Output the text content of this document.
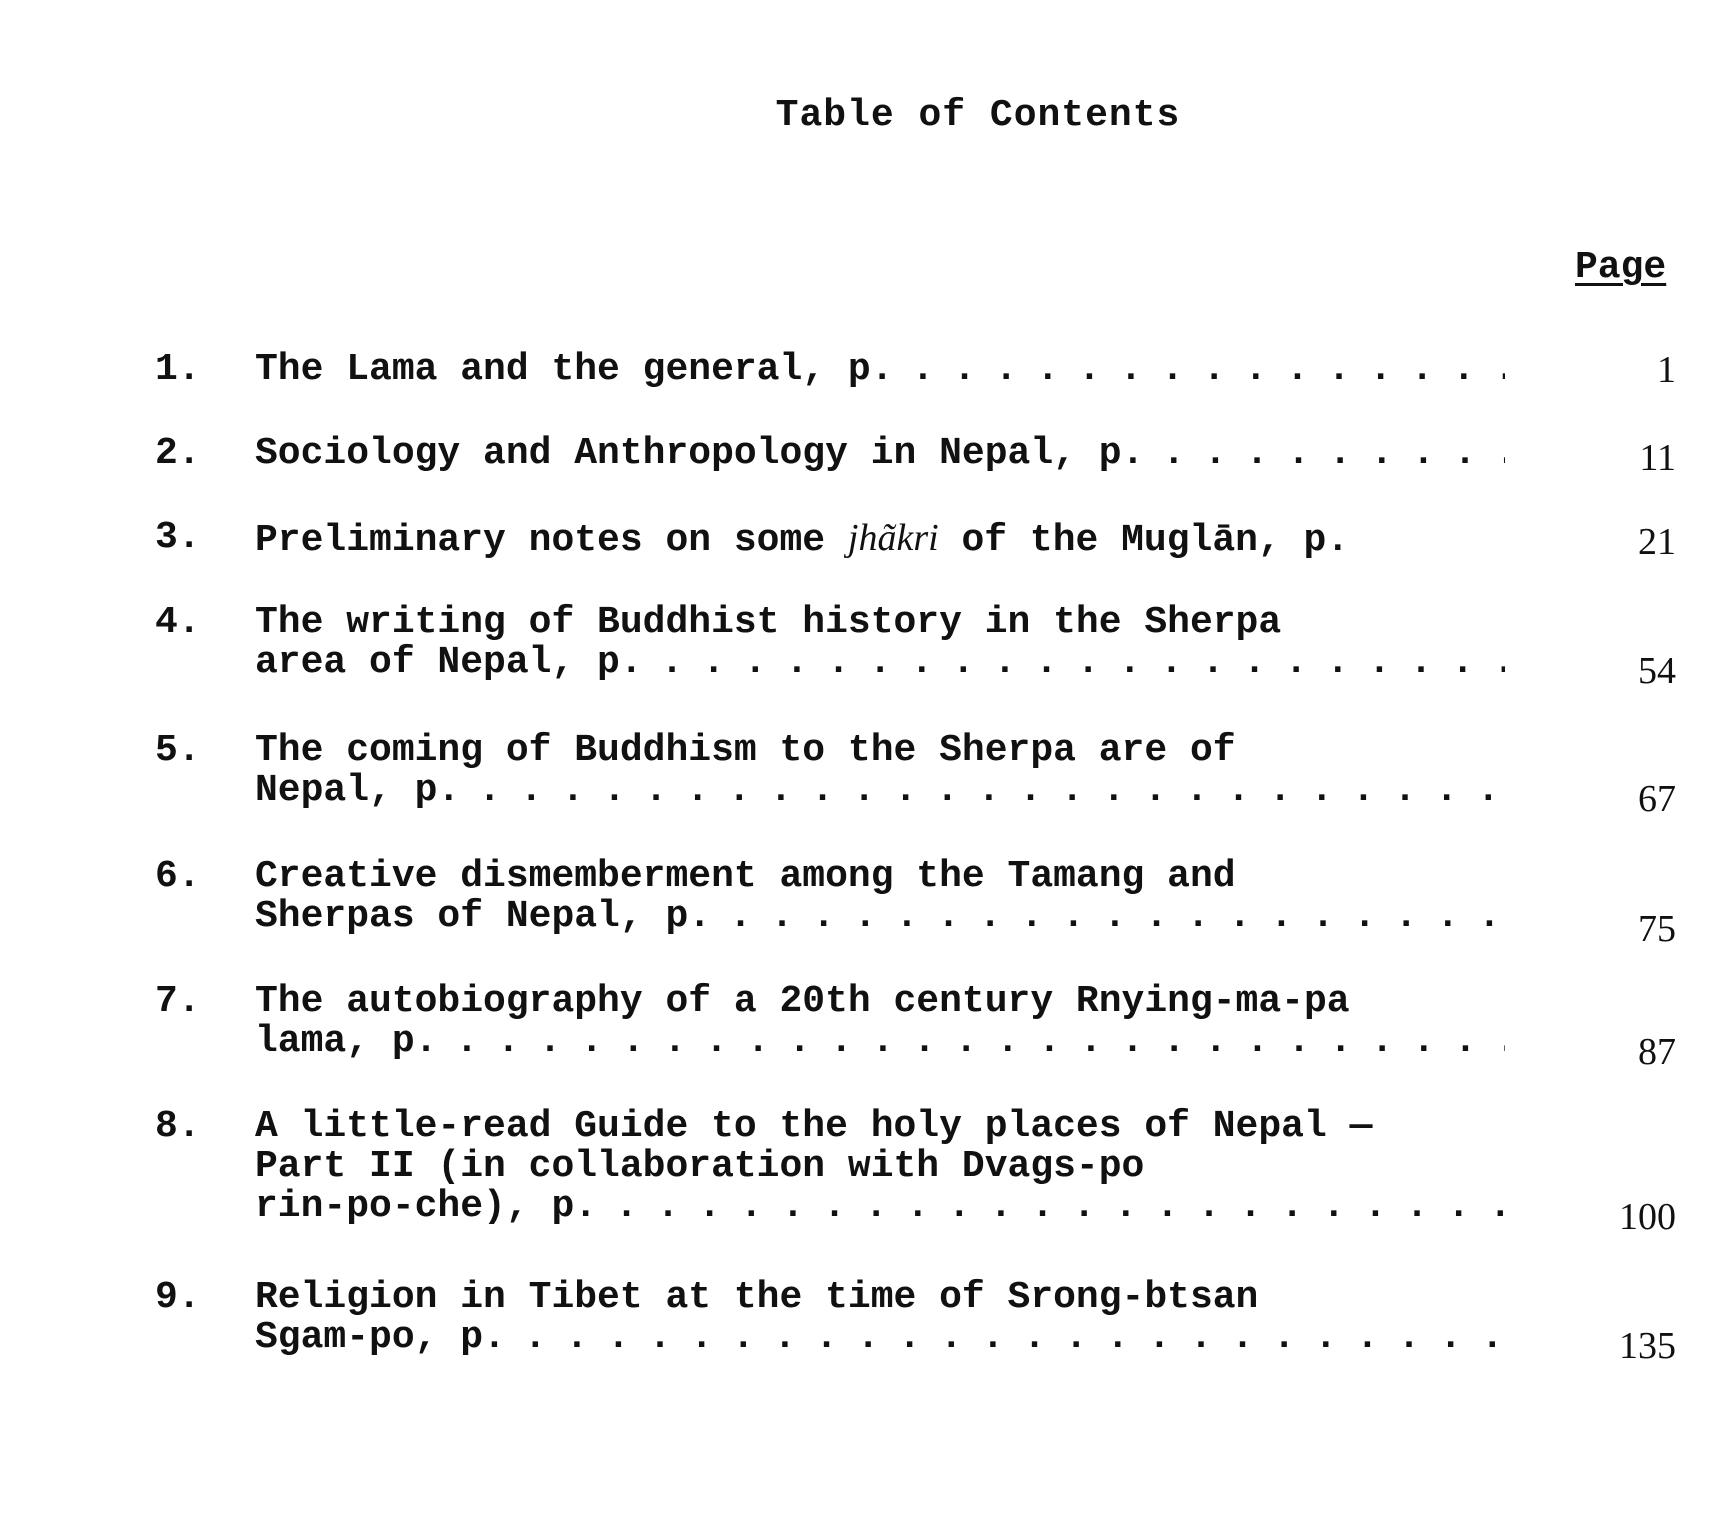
Table of Contents
Page
1.	The Lama and the general, p. . . .	1
2.	Sociology and Anthropology in Nepal, p. . . .	11
3.	Preliminary notes on some jhãkri of the Muglān, p.	21
4.	The writing of Buddhist history in the Sherpa
area of Nepal, p. . . .	54
5.	The coming of Buddhism to the Sherpa are of
Nepal, p. . . .	67
6.	Creative dismemberment among the Tamang and
Sherpas of Nepal, p. . . .	75
7.	The autobiography of a 20th century Rnying-ma-pa
lama, p. . . .	87
8.	A little-read Guide to the holy places of Nepal —
Part II (in collaboration with Dvags-po
rin-po-che), p. . . .	100
9.	Religion in Tibet at the time of Srong-btsan
Sgam-po, p. . . .	135
